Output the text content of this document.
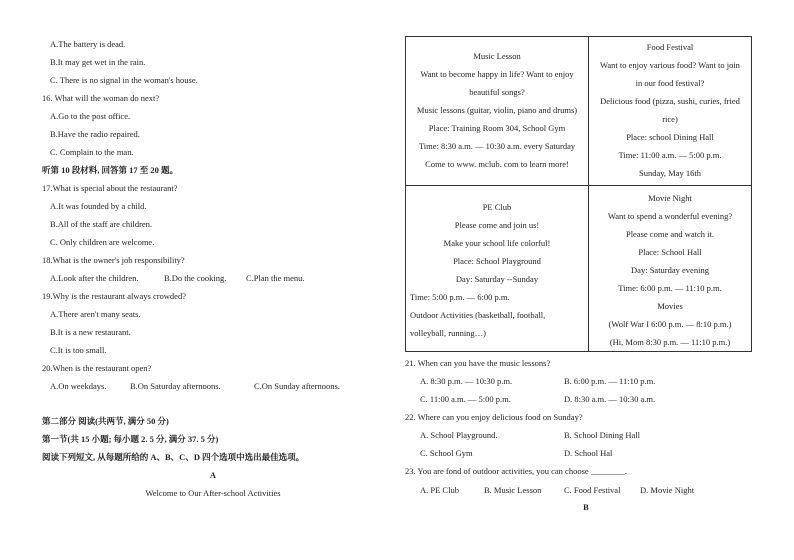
A.The battery is dead.
B.It may get wet in the rain.
C. There is no signal in the woman's house.
16. What will the woman do next?
A.Go to the post office.
B.Have the radio repaired.
C. Complain to the man.
听第 10 段材料, 回答第 17 至 20 题。
17.What is special about the restaurant?
A.It was founded by a child.
B.All of the staff are children.
C. Only children are welcome.
18.What is the owner's job responsibility?
A.Look after the children.	B.Do the cooking. C.Plan the menu.
19.Why is the restaurant always crowded?
A.There aren't many seats.
B.It is a new restaurant.
C.It is too small.
20.When is the restaurant open?
A.On weekdays.	B.On Saturday afternoons.	C.On Sunday afternoons.
第二部分 阅读(共两节, 满分 50 分)
第一节(共 15 小题; 每小题 2. 5 分, 满分 37. 5 分)
阅读下列短文, 从每题所给的 A、B、C、D 四个选项中选出最佳选项。
A
Welcome to Our After-school Activities
Music Lesson
Want to become happy in life? Want to enjoy
beautiful songs?
Music lessons (guitar, violin, piano and drums)
Place: Training Room 304, School Gym
Time: 8:30 a.m. — 10:30 a.m. every Saturday
Come to www. mclub. com to learn more!
Food Festival
Want to enjoy various food? Want to join
in our food festival?
Delicious food (pizza, sushi, curies, fried
rice)
Place: school Dining Hall
Time: 11:00 a.m. — 5:00 p.m.
Sunday, May 16th
PE Club
Please come and join us!
Make your school life colorful!
Place: School Playground
Day: Saturday --Sunday
Time: 5:00 p.m. — 6:00 p.m.
Outdoor Activities (basketball, football,
volleyball, running…)
Movie Night
Want to spend a wonderful evening?
Please come and watch it.
Place: School Hall
Day: Saturday evening
Time: 6:00 p.m. — 11:10 p.m.
Movies
(Wolf War I 6:00 p.m. — 8:10 p.m.)
(Hi, Mom 8:30 p.m. — 11:10 p.m.)
21. When can you have the music lessons?
A. 8:30 p.m. — 10:30 p.m.	B. 6:00 p.m. — 11:10 p.m.
C. 11:00 a.m. — 5:00 p.m.	D. 8:30 a.m. — 10:30 a.m.
22. Where can you enjoy delicious food on Sunday?
A. School Playground.	B. School Dining Hall
C. School Gym	D. School Hal
23. You are fond of outdoor activities, you can choose ________.
A. PE Club	B. Music Lesson	C. Food Festival D. Movie Night
B
